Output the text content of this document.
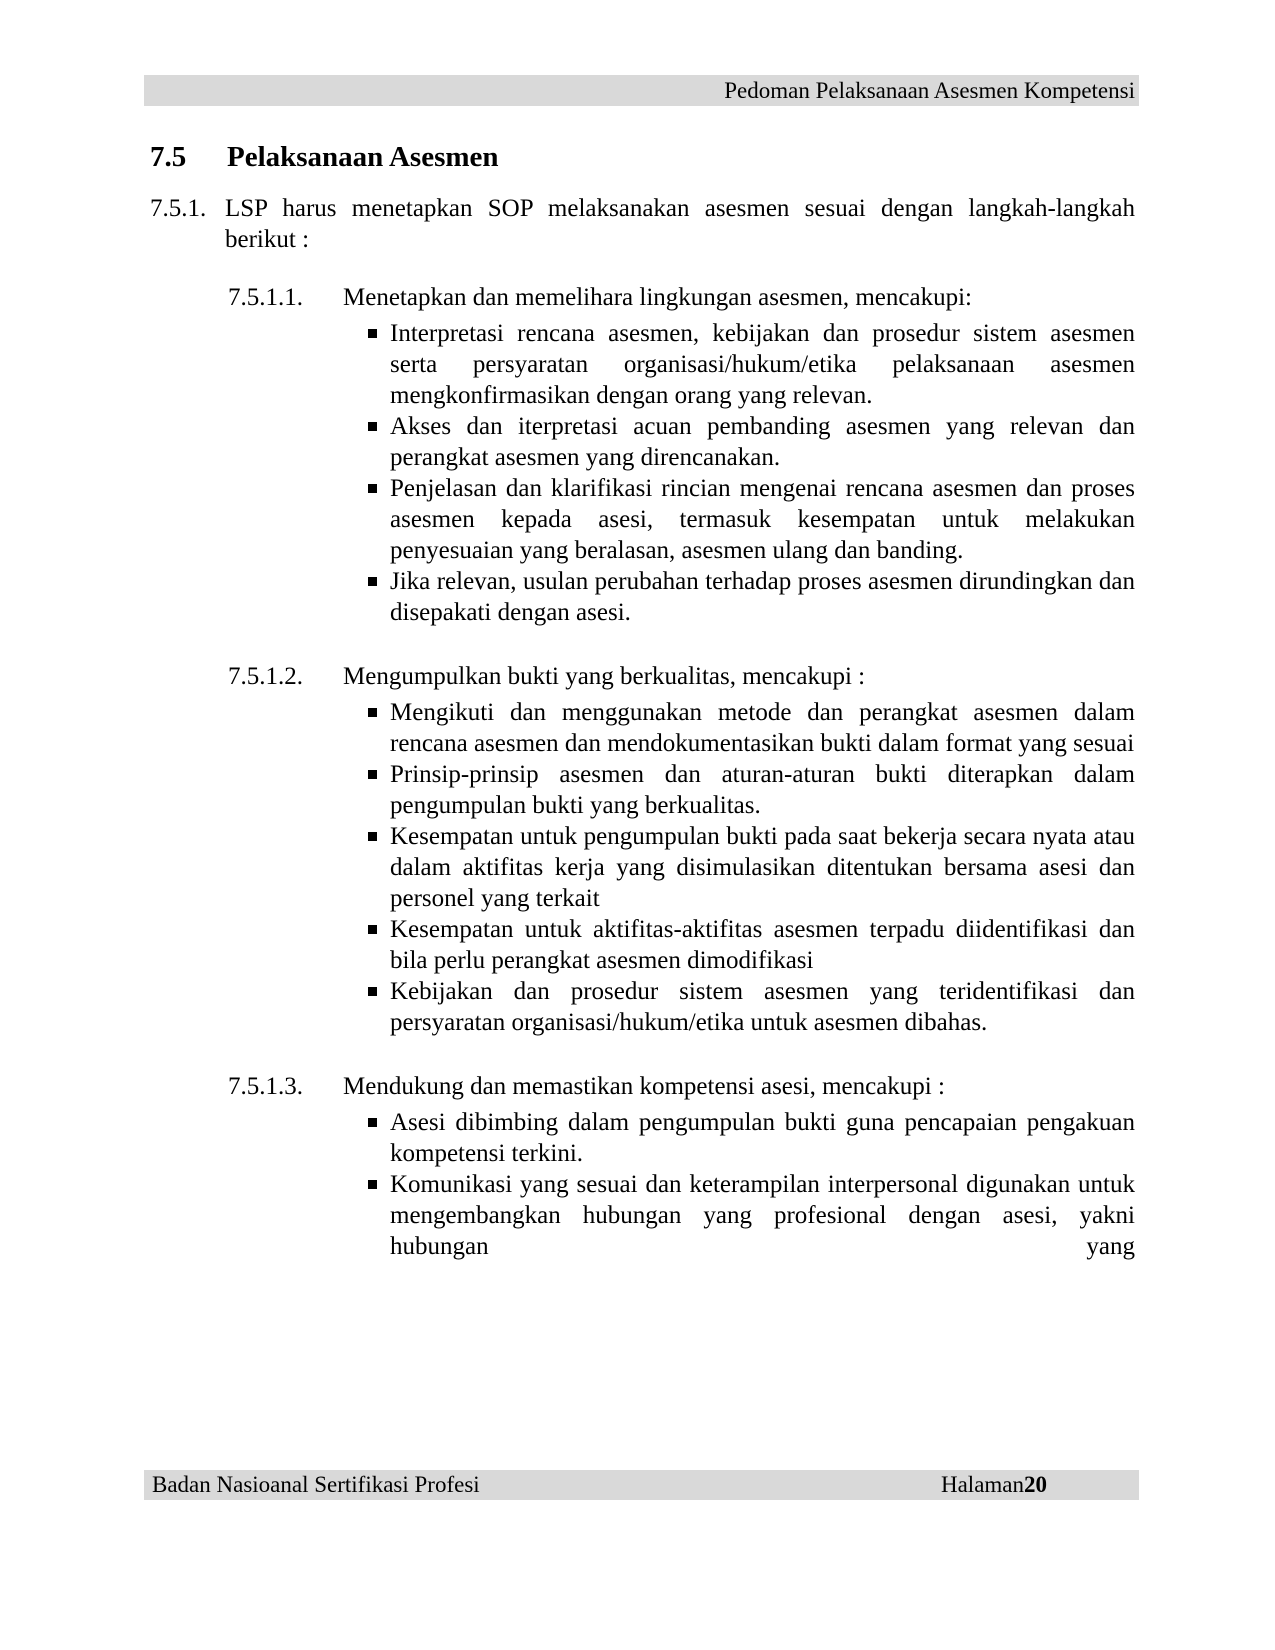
Pedoman Pelaksanaan Asesmen Kompetensi
7.5	Pelaksanaan Asesmen
7.5.1. LSP harus menetapkan SOP melaksanakan asesmen sesuai dengan langkah-langkah berikut :
7.5.1.1.	Menetapkan dan memelihara lingkungan asesmen, mencakupi:
Interpretasi rencana asesmen, kebijakan dan prosedur sistem asesmen serta persyaratan organisasi/hukum/etika pelaksanaan asesmen mengkonfirmasikan dengan orang yang relevan.
Akses dan iterpretasi acuan pembanding asesmen yang relevan dan perangkat asesmen yang direncanakan.
Penjelasan dan klarifikasi rincian mengenai rencana asesmen dan proses asesmen kepada asesi, termasuk kesempatan untuk melakukan penyesuaian yang beralasan, asesmen ulang dan banding.
Jika relevan, usulan perubahan terhadap proses asesmen dirundingkan dan disepakati dengan asesi.
7.5.1.2.	Mengumpulkan bukti yang berkualitas, mencakupi :
Mengikuti dan menggunakan metode dan perangkat asesmen dalam rencana asesmen dan mendokumentasikan bukti dalam format yang sesuai
Prinsip-prinsip asesmen dan aturan-aturan bukti diterapkan dalam pengumpulan bukti yang berkualitas.
Kesempatan untuk pengumpulan bukti pada saat bekerja secara nyata atau dalam aktifitas kerja yang disimulasikan ditentukan bersama asesi dan personel yang terkait
Kesempatan untuk aktifitas-aktifitas asesmen terpadu diidentifikasi dan bila perlu perangkat asesmen dimodifikasi
Kebijakan dan prosedur sistem asesmen yang teridentifikasi dan persyaratan organisasi/hukum/etika untuk asesmen dibahas.
7.5.1.3.	Mendukung dan memastikan kompetensi asesi, mencakupi :
Asesi dibimbing dalam pengumpulan bukti guna pencapaian pengakuan kompetensi terkini.
Komunikasi yang sesuai dan keterampilan interpersonal digunakan untuk mengembangkan hubungan yang profesional dengan asesi, yakni hubungan yang
Badan Nasioanal Sertifikasi Profesi	Halaman20
